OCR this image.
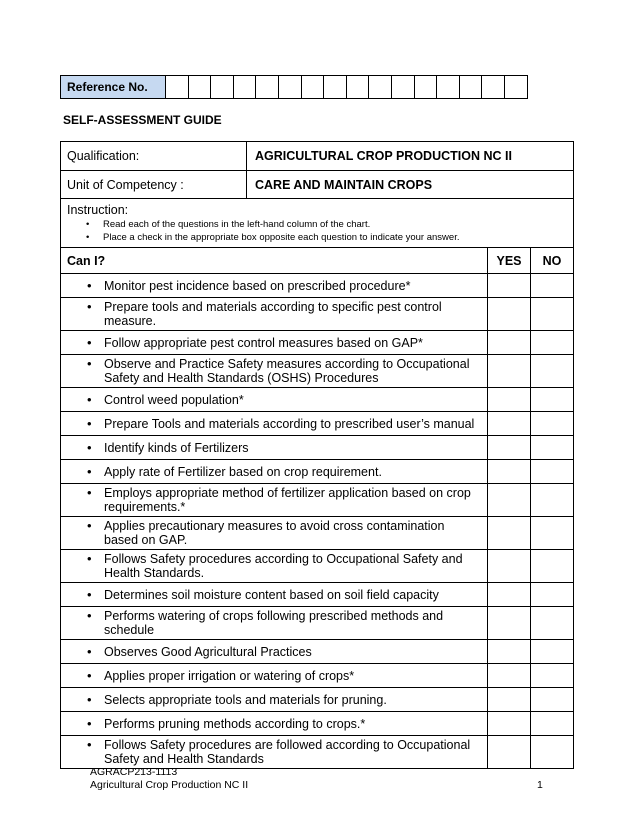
Reference No.																
SELF-ASSESSMENT GUIDE
Qualification:	AGRICULTURAL CROP PRODUCTION NC II		
Unit of Competency :	CARE AND MAINTAIN CROPS		

Instruction:
• Read each of the questions in the left-hand column of the chart.
• Place a check in the appropriate box opposite each question to indicate your answer.			

Can I?		YES	NO

• Monitor pest incidence based on prescribed procedure*			

• Prepare tools and materials according to specific pest control measure.			

• Follow appropriate pest control measures based on GAP*			

• Observe and Practice Safety measures according to Occupational Safety and Health Standards (OSHS) Procedures			

• Control weed population*			

• Prepare Tools and materials according to prescribed user’s manual			

• Identify kinds of Fertilizers			

• Apply rate of Fertilizer based on crop requirement.			

• Employs appropriate method of fertilizer application based on crop requirements.*			

• Applies precautionary measures to avoid cross contamination based on GAP.			

• Follows Safety procedures according to Occupational Safety and Health Standards.			

• Determines soil moisture content based on soil field capacity			

• Performs watering of crops following prescribed methods and schedule			

• Observes Good Agricultural Practices			

• Applies proper irrigation or watering of crops*			

• Selects appropriate tools and materials for pruning.			

• Performs pruning methods according to crops.*			

• Follows Safety procedures are followed according to Occupational Safety and Health Standards			
AGRACP213-1113
Agricultural Crop Production NC II	1
